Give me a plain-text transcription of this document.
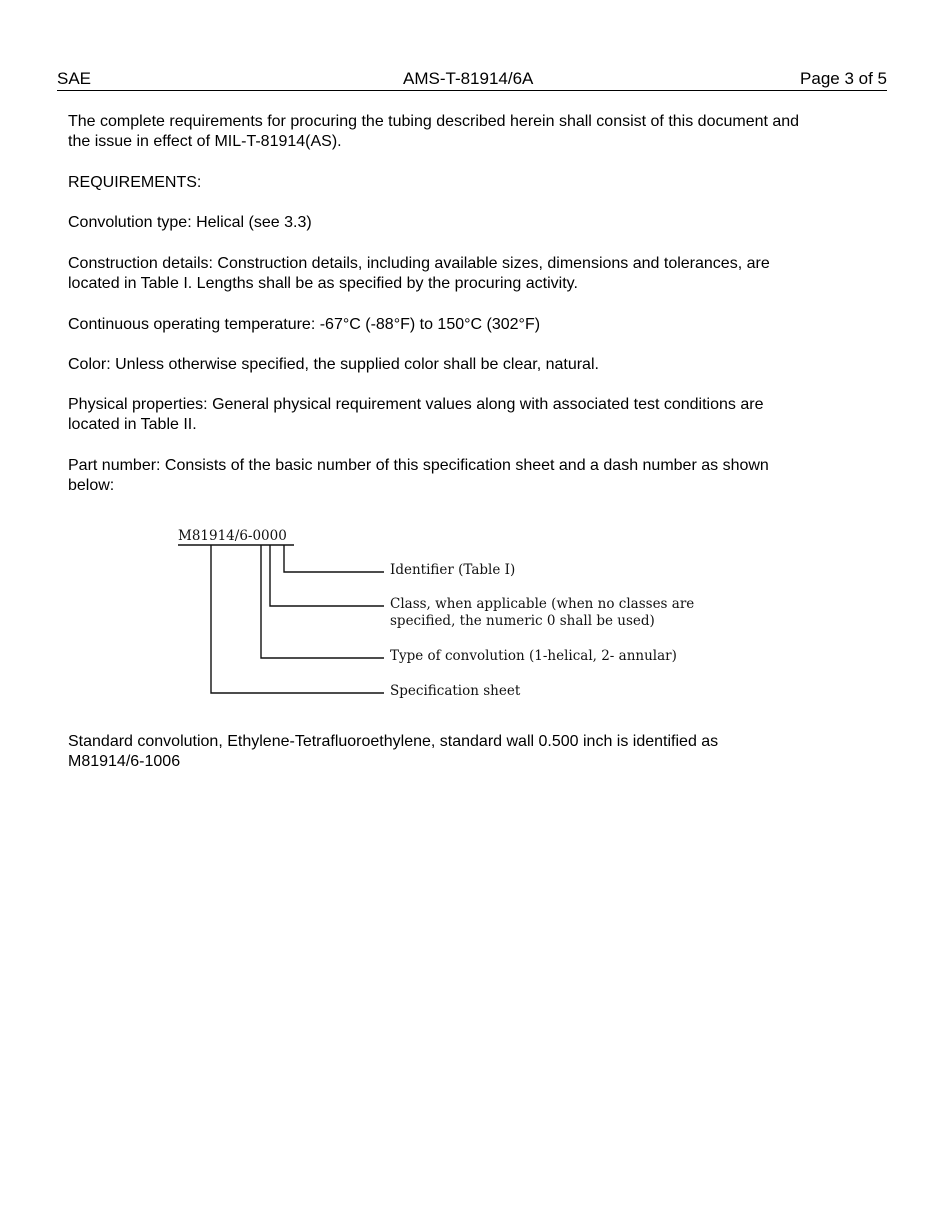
SAE	AMS-T-81914/6A	Page 3 of 5
The complete requirements for procuring the tubing described herein shall consist of this document and
the issue in effect of MIL-T-81914(AS).
REQUIREMENTS:
Convolution type: Helical (see 3.3)
Construction details: Construction details, including available sizes, dimensions and tolerances, are
located in Table I. Lengths shall be as specified by the procuring activity.
Continuous operating temperature: -67°C (-88°F) to 150°C (302°F)
Color: Unless otherwise specified, the supplied color shall be clear, natural.
Physical properties: General physical requirement values along with associated test conditions are
located in Table II.
Part number: Consists of the basic number of this specification sheet and a dash number as shown
below:
M81914/6-0000
Identifier (Table I)
Class, when applicable (when no classes are
specified, the numeric 0 shall be used)
Type of convolution (1-helical, 2- annular)
Specification sheet
Standard convolution, Ethylene-Tetrafluoroethylene, standard wall 0.500 inch is identified as
M81914/6-1006
